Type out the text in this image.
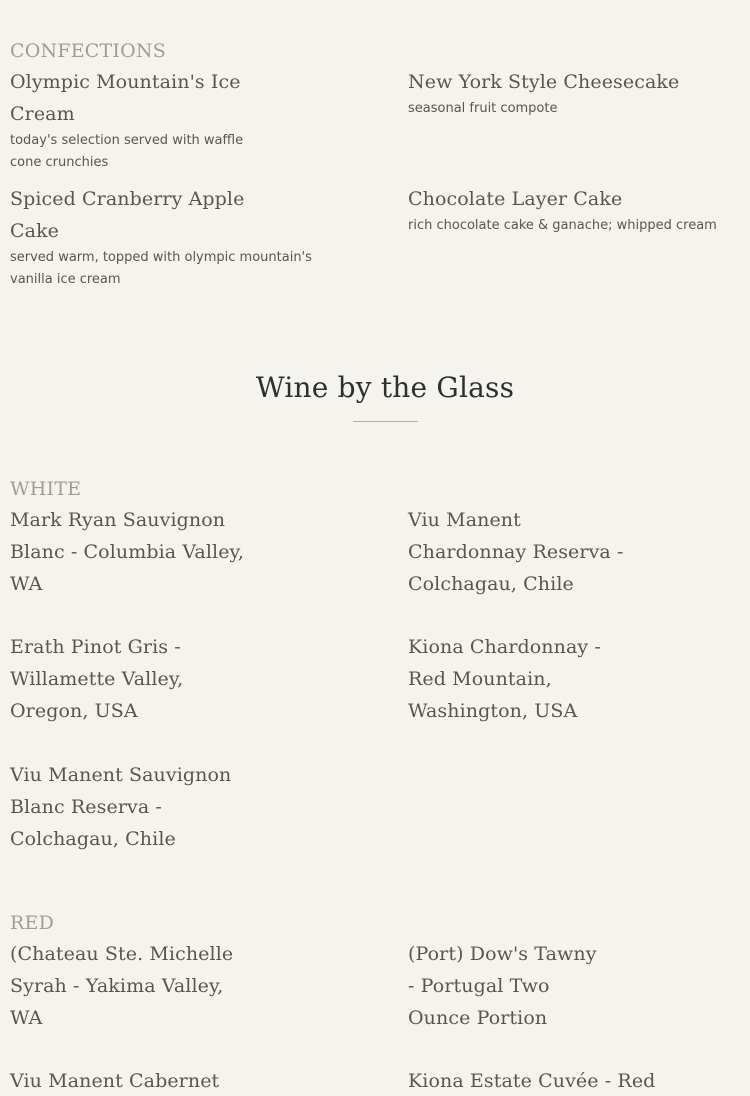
CONFECTIONS
Olympic Mountain's Ice Cream
today's selection served with waffle cone crunchies
New York Style Cheesecake
seasonal fruit compote
Spiced Cranberry Apple Cake
served warm, topped with olympic mountain's vanilla ice cream
Chocolate Layer Cake
rich chocolate cake & ganache; whipped cream
Wine by the Glass
WHITE
Mark Ryan Sauvignon Blanc - Columbia Valley, WA
Viu Manent Chardonnay Reserva - Colchagau, Chile
Erath Pinot Gris - Willamette Valley, Oregon, USA
Kiona Chardonnay - Red Mountain, Washington, USA
Viu Manent Sauvignon Blanc Reserva - Colchagau, Chile
RED
(Chateau Ste. Michelle Syrah - Yakima Valley, WA
(Port) Dow's Tawny - Portugal Two Ounce Portion
Viu Manent Cabernet	Kiona Estate Cuvée - Red
